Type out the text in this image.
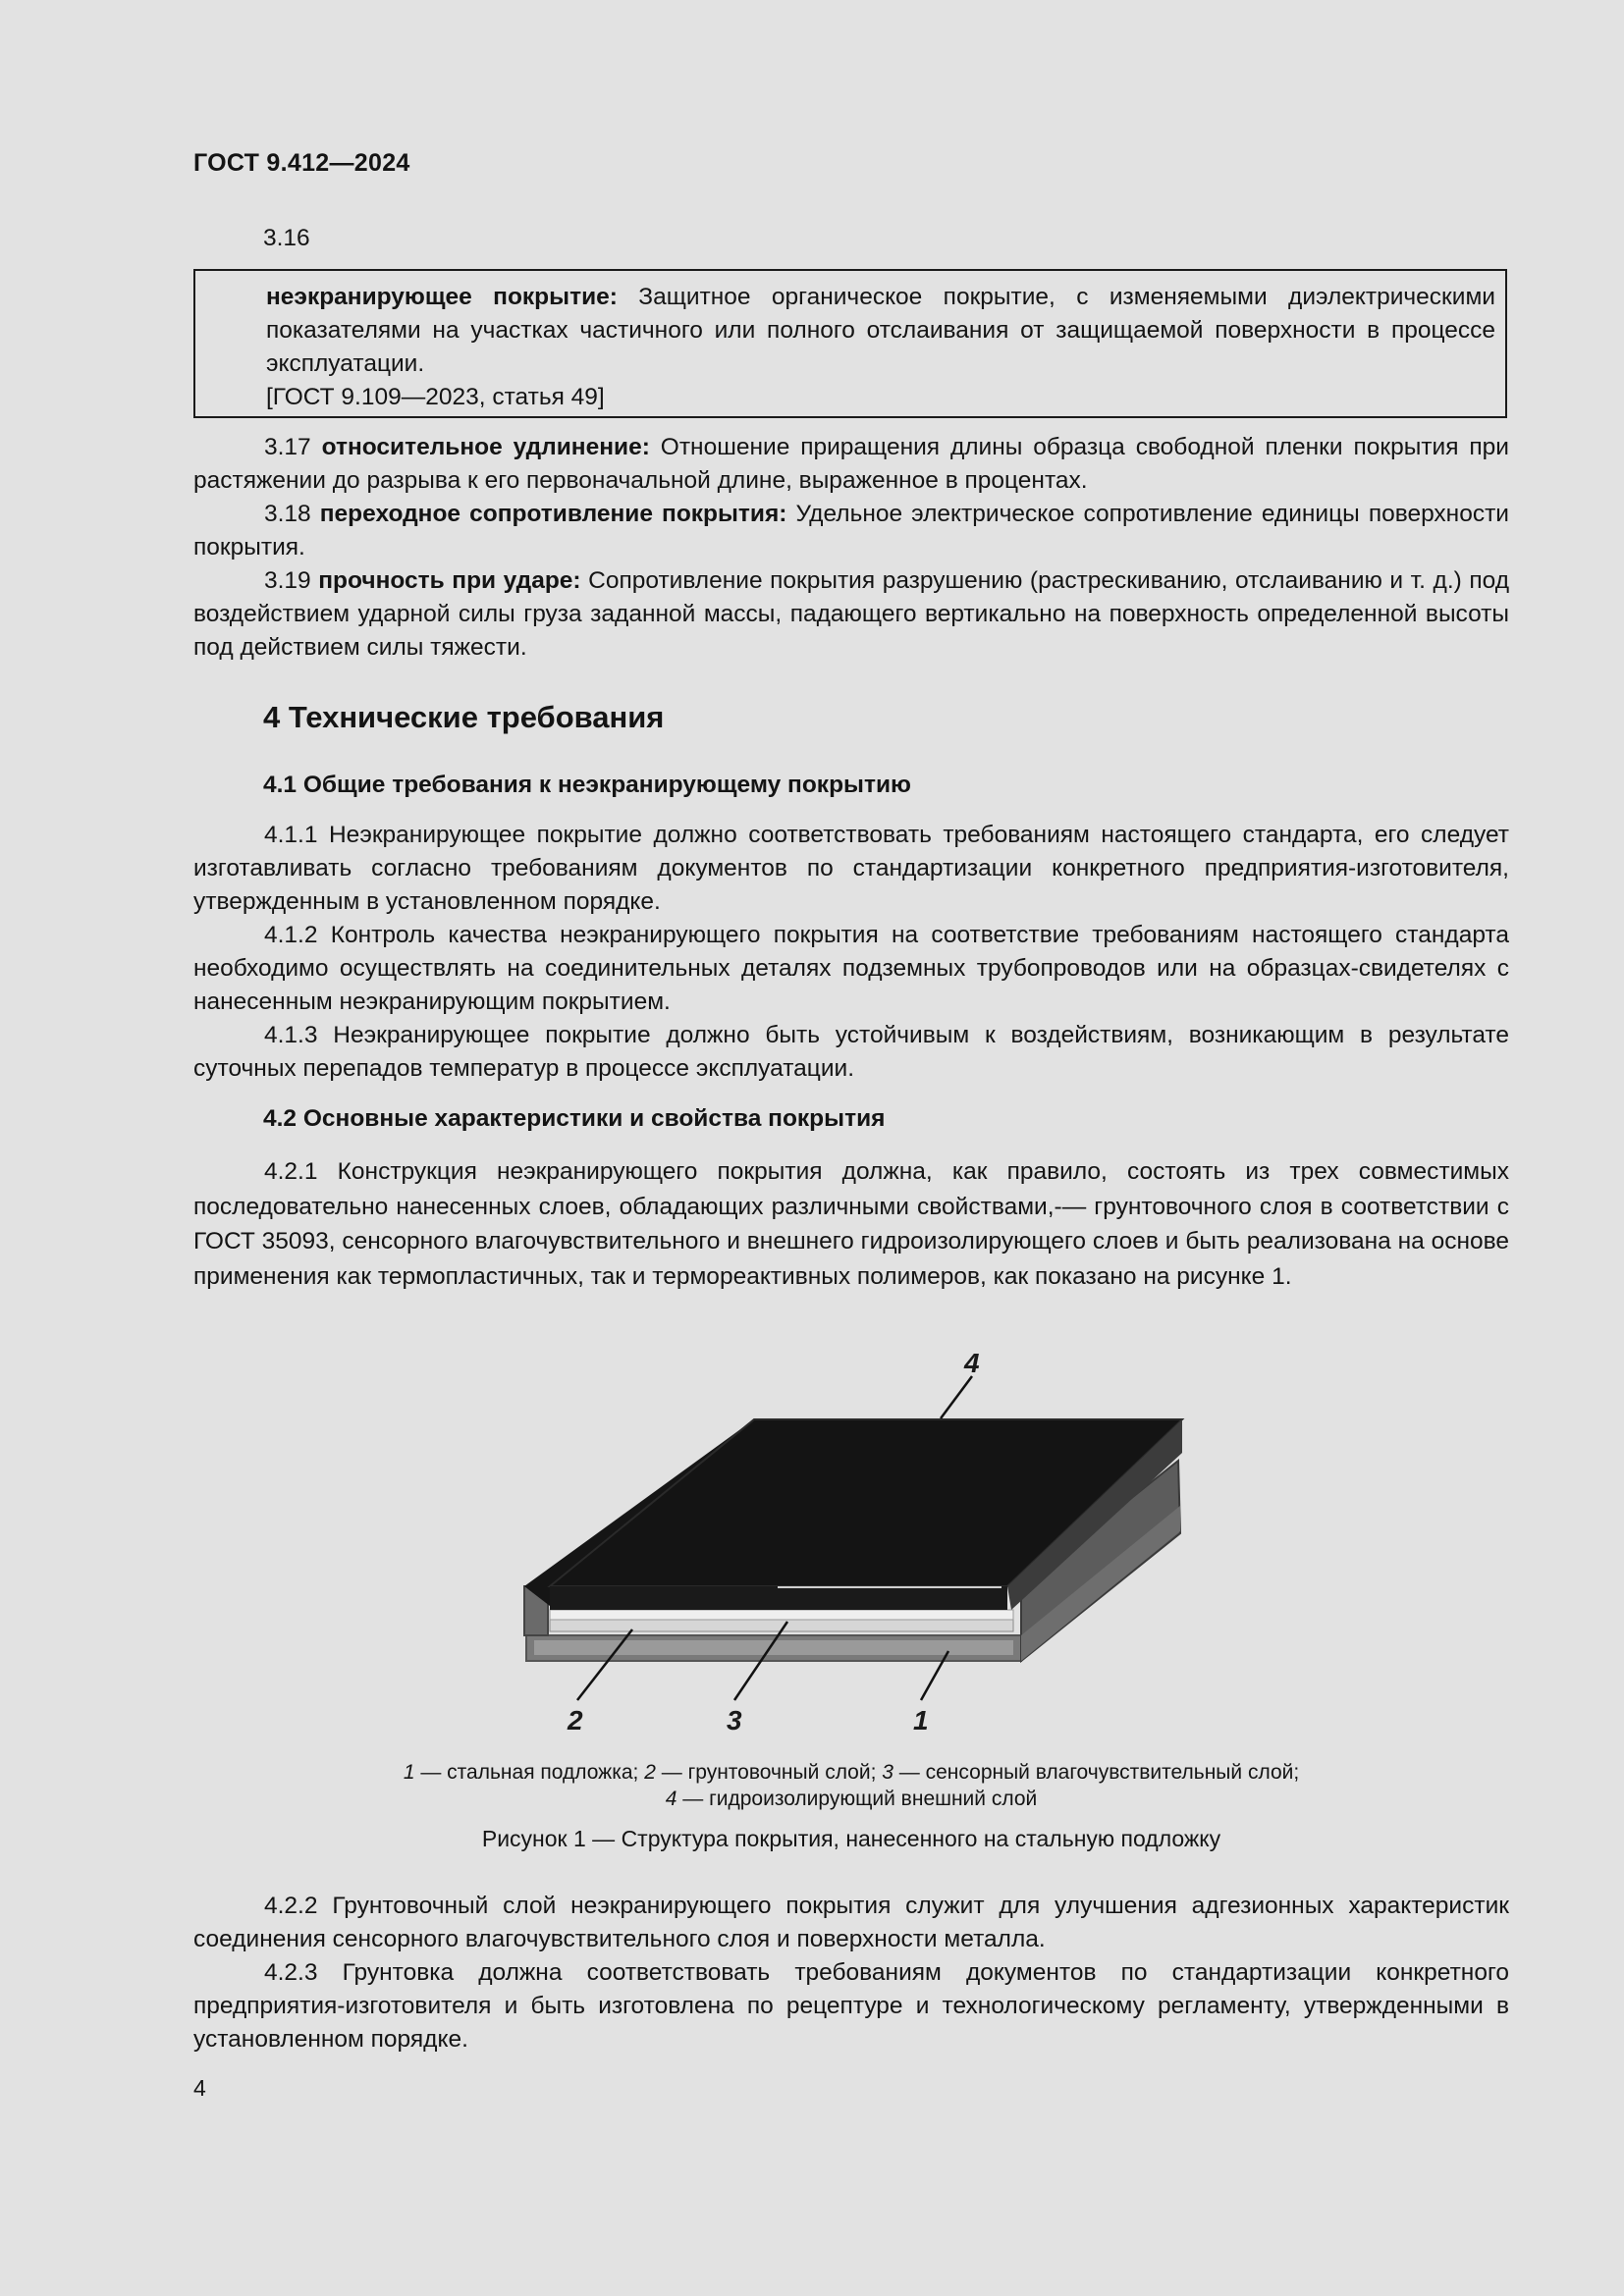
ГОСТ 9.412—2024
3.16

неэкранирующее покрытие: Защитное органическое покрытие, с изменяемыми диэлектрическими показателями на участках частичного или полного отслаивания от защищаемой поверхности в процессе эксплуатации.

[ГОСТ 9.109—2023, статья 49]

3.17 относительное удлинение: Отношение приращения длины образца свободной пленки покрытия при растяжении до разрыва к его первоначальной длине, выраженное в процентах.

3.18 переходное сопротивление покрытия: Удельное электрическое сопротивление единицы поверхности покрытия.

3.19 прочность при ударе: Сопротивление покрытия разрушению (растрескиванию, отслаиванию и т. д.) под воздействием ударной силы груза заданной массы, падающего вертикально на поверхность определенной высоты под действием силы тяжести.

4 Технические требования
4.1 Общие требования к неэкранирующему покрытию

4.1.1 Неэкранирующее покрытие должно соответствовать требованиям настоящего стандарта, его следует изготавливать согласно требованиям документов по стандартизации конкретного предприятия-изготовителя, утвержденным в установленном порядке.

4.1.2 Контроль качества неэкранирующего покрытия на соответствие требованиям настоящего стандарта необходимо осуществлять на соединительных деталях подземных трубопроводов или на образцах-свидетелях с нанесенным неэкранирующим покрытием.

4.1.3 Неэкранирующее покрытие должно быть устойчивым к воздействиям, возникающим в результате суточных перепадов температур в процессе эксплуатации.

4.2 Основные характеристики и свойства покрытия

4.2.1 Конструкция неэкранирующего покрытия должна, как правило, состоять из трех совместимых последовательно нанесенных слоев, обладающих различными свойствами,-— грунтовочного слоя в соответствии с ГОСТ 35093, сенсорного влагочувствительного и внешнего гидроизолирующего слоев и быть реализована на основе применения как термопластичных, так и термореактивных полимеров, как показано на рисунке 1.

4
2	3	1
1 — стальная подложка; 2 — грунтовочный слой; 3 — сенсорный влагочувствительный слой;
4 — гидроизолирующий внешний слой
Рисунок 1 — Структура покрытия, нанесенного на стальную подложку

4.2.2 Грунтовочный слой неэкранирующего покрытия служит для улучшения адгезионных характеристик соединения сенсорного влагочувствительного слоя и поверхности металла.

4.2.3 Грунтовка должна соответствовать требованиям документов по стандартизации конкретного предприятия-изготовителя и быть изготовлена по рецептуре и технологическому регламенту, утвержденными в установленном порядке.

4
